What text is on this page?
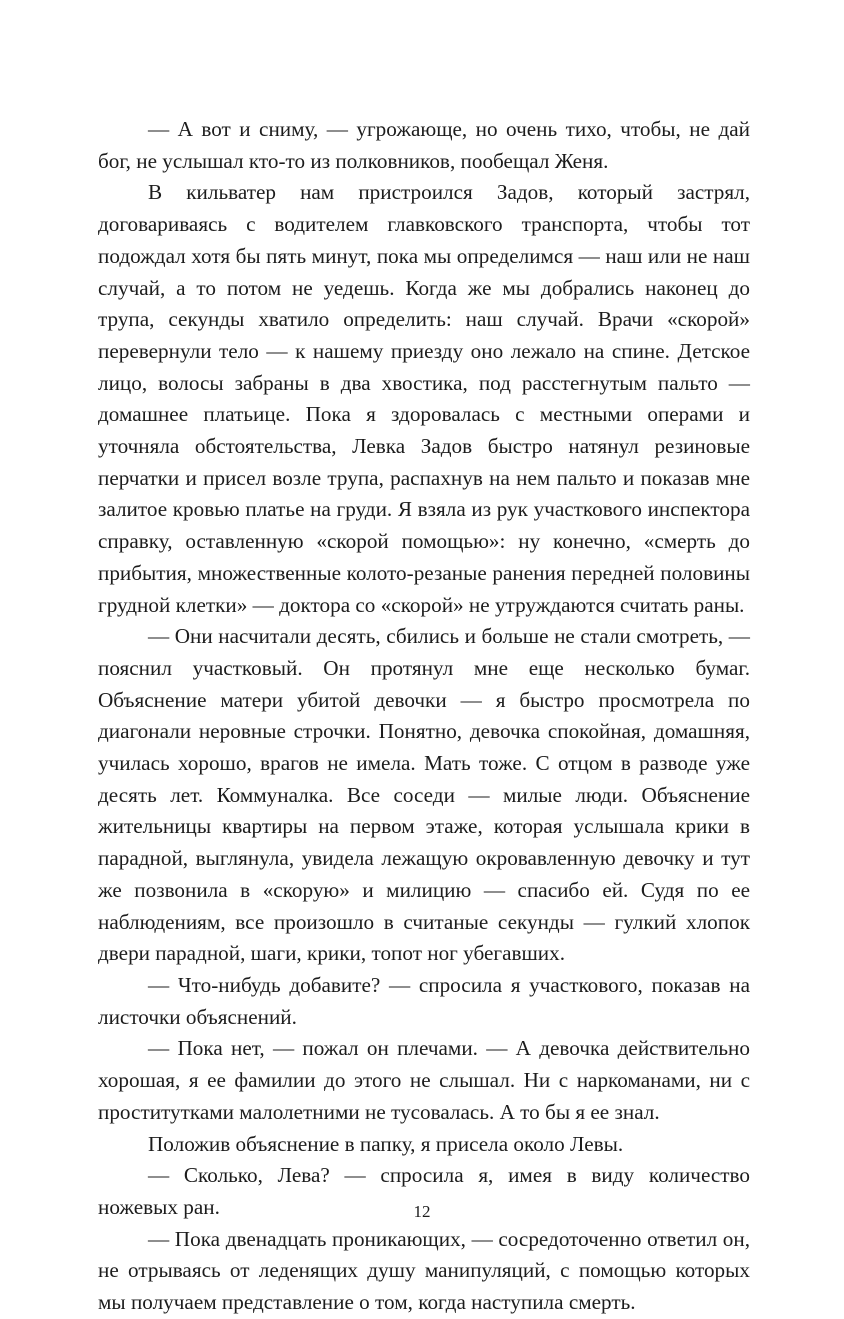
— А вот и сниму, — угрожающе, но очень тихо, чтобы, не дай бог, не услышал кто-то из полковников, пообещал Женя.

В кильватер нам пристроился Задов, который застрял, договариваясь с водителем главковского транспорта, чтобы тот подождал хотя бы пять минут, пока мы определимся — наш или не наш случай, а то потом не уедешь. Когда же мы добрались наконец до трупа, секунды хватило определить: наш случай. Врачи «скорой» перевернули тело — к нашему приезду оно лежало на спине. Детское лицо, волосы забраны в два хвостика, под расстегнутым пальто — домашнее платьице. Пока я здоровалась с местными операми и уточняла обстоятельства, Левка Задов быстро натянул резиновые перчатки и присел возле трупа, распахнув на нем пальто и показав мне залитое кровью платье на груди. Я взяла из рук участкового инспектора справку, оставленную «скорой помощью»: ну конечно, «смерть до прибытия, множественные колото-резаные ранения передней половины грудной клетки» — доктора со «скорой» не утруждаются считать раны.

— Они насчитали десять, сбились и больше не стали смотреть, — пояснил участковый. Он протянул мне еще несколько бумаг. Объяснение матери убитой девочки — я быстро просмотрела по диагонали неровные строчки. Понятно, девочка спокойная, домашняя, училась хорошо, врагов не имела. Мать тоже. С отцом в разводе уже десять лет. Коммуналка. Все соседи — милые люди. Объяснение жительницы квартиры на первом этаже, которая услышала крики в парадной, выглянула, увидела лежащую окровавленную девочку и тут же позвонила в «скорую» и милицию — спасибо ей. Судя по ее наблюдениям, все произошло в считаные секунды — гулкий хлопок двери парадной, шаги, крики, топот ног убегавших.

— Что-нибудь добавите? — спросила я участкового, показав на листочки объяснений.

— Пока нет, — пожал он плечами. — А девочка действительно хорошая, я ее фамилии до этого не слышал. Ни с наркоманами, ни с проститутками малолетними не тусовалась. А то бы я ее знал.

Положив объяснение в папку, я присела около Левы.

— Сколько, Лева? — спросила я, имея в виду количество ножевых ран.

— Пока двенадцать проникающих, — сосредоточенно ответил он, не отрываясь от леденящих душу манипуляций, с помощью которых мы получаем представление о том, когда наступила смерть.

12
